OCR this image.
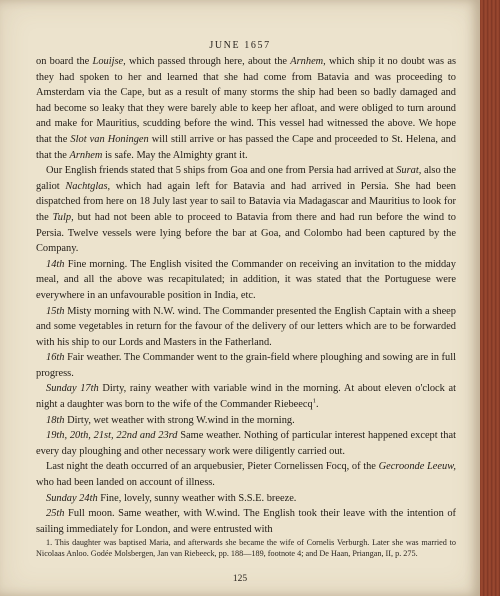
JUNE 1657

on board the Louijse, which passed through here, about the Arnhem, which ship it no doubt was as they had spoken to her and learned that she had come from Batavia and was proceeding to Amsterdam via the Cape, but as a result of many storms the ship had been so badly damaged and had become so leaky that they were barely able to keep her afloat, and were obliged to turn around and make for Mauritius, scudding before the wind. This vessel had witnessed the above. We hope that the Slot van Honingen will still arrive or has passed the Cape and proceeded to St. Helena, and that the Arnhem is safe. May the Almighty grant it.

Our English friends stated that 5 ships from Goa and one from Persia had arrived at Surat, also the galiot Nachtglas, which had again left for Batavia and had arrived in Persia. She had been dispatched from here on 18 July last year to sail to Batavia via Madagascar and Mauritius to look for the Tulp, but had not been able to proceed to Batavia from there and had run before the wind to Persia. Twelve vessels were lying before the bar at Goa, and Colombo had been captured by the Company.

14th Fine morning. The English visited the Commander on receiving an invitation to the midday meal, and all the above was recapitulated; in addition, it was stated that the Portuguese were everywhere in an unfavourable position in India, etc.

15th Misty morning with N.W. wind. The Commander presented the English Captain with a sheep and some vegetables in return for the favour of the delivery of our letters which are to be forwarded with his ship to our Lords and Masters in the Fatherland.

16th Fair weather. The Commander went to the grain-field where ploughing and sowing are in full progress.

Sunday 17th Dirty, rainy weather with variable wind in the morning. At about eleven o'clock at night a daughter was born to the wife of the Commander Riebeecq$^1$.

18th Dirty, wet weather with strong W.wind in the morning.

19th, 20th, 21st, 22nd and 23rd Same weather. Nothing of particular interest happened except that every day ploughing and other necessary work were diligently carried out.

Last night the death occurred of an arquebusier, Pieter Cornelissen Focq, of the Gecroonde Leeuw, who had been landed on account of illness.

Sunday 24th Fine, lovely, sunny weather with S.S.E. breeze.

25th Full moon. Same weather, with W.wind. The English took their leave with the intention of sailing immediately for London, and were entrusted with

1. This daughter was baptised Maria, and afterwards she became the wife of Cornelis Verburgh. Later she was married to Nicolaas Anloo. Godée Molsbergen, Jan van Riebeeck, pp. 188—189, footnote 4; and De Haan, Priangan, II, p. 275.
125
